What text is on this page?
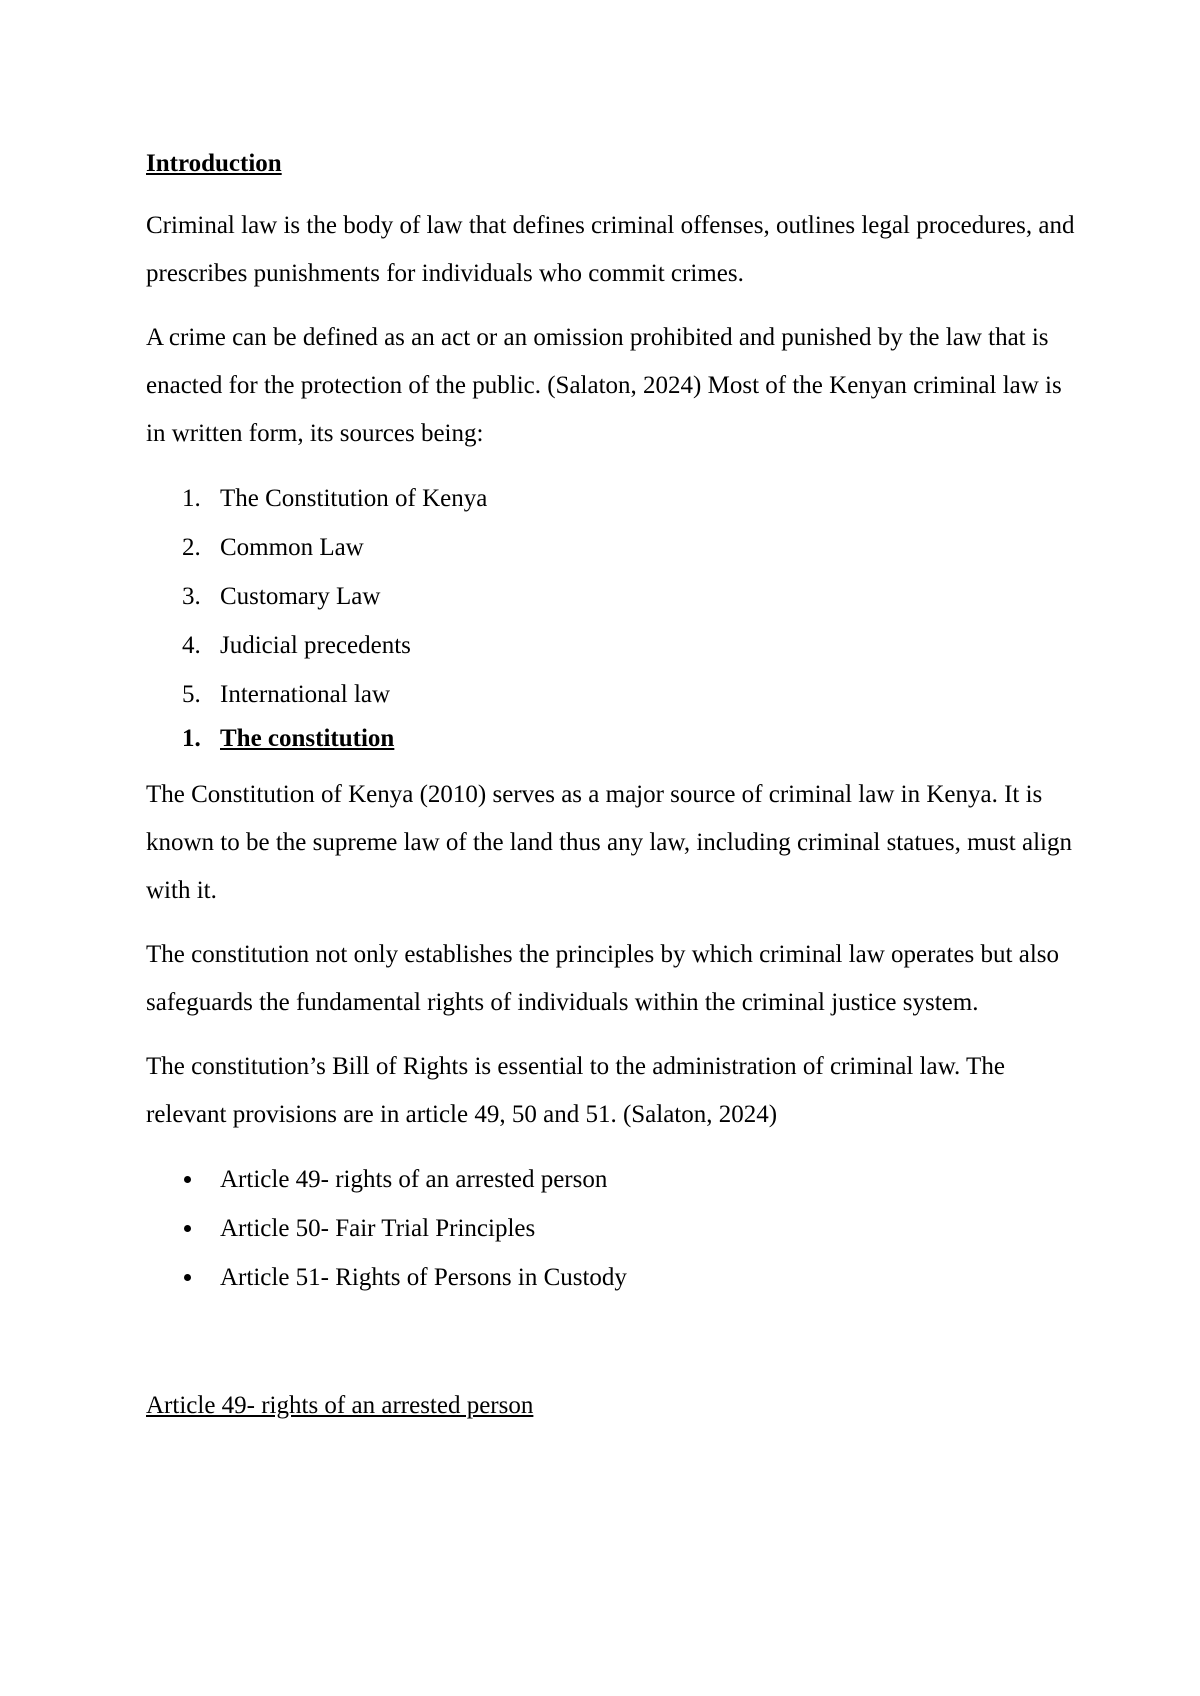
Introduction

Criminal law is the body of law that defines criminal offenses, outlines legal procedures, and prescribes punishments for individuals who commit crimes.

A crime can be defined as an act or an omission prohibited and punished by the law that is enacted for the protection of the public. (Salaton, 2024) Most of the Kenyan criminal law is in written form, its sources being:

1. The Constitution of Kenya
2. Common Law
3. Customary Law
4. Judicial precedents
5. International law
1. The constitution

The Constitution of Kenya (2010) serves as a major source of criminal law in Kenya. It is known to be the supreme law of the land thus any law, including criminal statues, must align with it.

The constitution not only establishes the principles by which criminal law operates but also safeguards the fundamental rights of individuals within the criminal justice system.

The constitution’s Bill of Rights is essential to the administration of criminal law. The relevant provisions are in article 49, 50 and 51. (Salaton, 2024)

Article 49- rights of an arrested person
Article 50- Fair Trial Principles
Article 51- Rights of Persons in Custody
Article 49- rights of an arrested person
